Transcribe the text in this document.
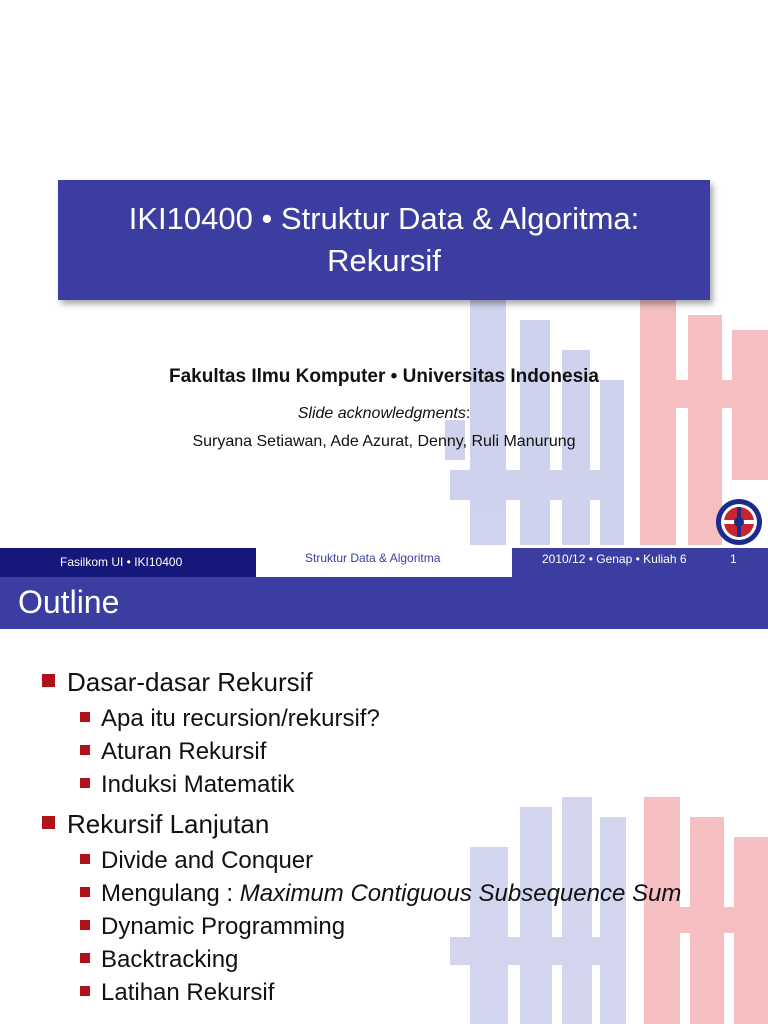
IKI10400 • Struktur Data & Algoritma:
Rekursif
Fakultas Ilmu Komputer • Universitas Indonesia
Slide acknowledgments:
Suryana Setiawan, Ade Azurat, Denny, Ruli Manurung
Fasilkom UI • IKI10400	Struktur Data & Algoritma	2010/12 • Genap • Kuliah 6	1
Outline
Dasar-dasar Rekursif
Apa itu recursion/rekursif?
Aturan Rekursif
Induksi Matematik
Rekursif Lanjutan
Divide and Conquer
Mengulang : Maximum Contiguous Subsequence Sum
Dynamic Programming
Backtracking
Latihan Rekursif
